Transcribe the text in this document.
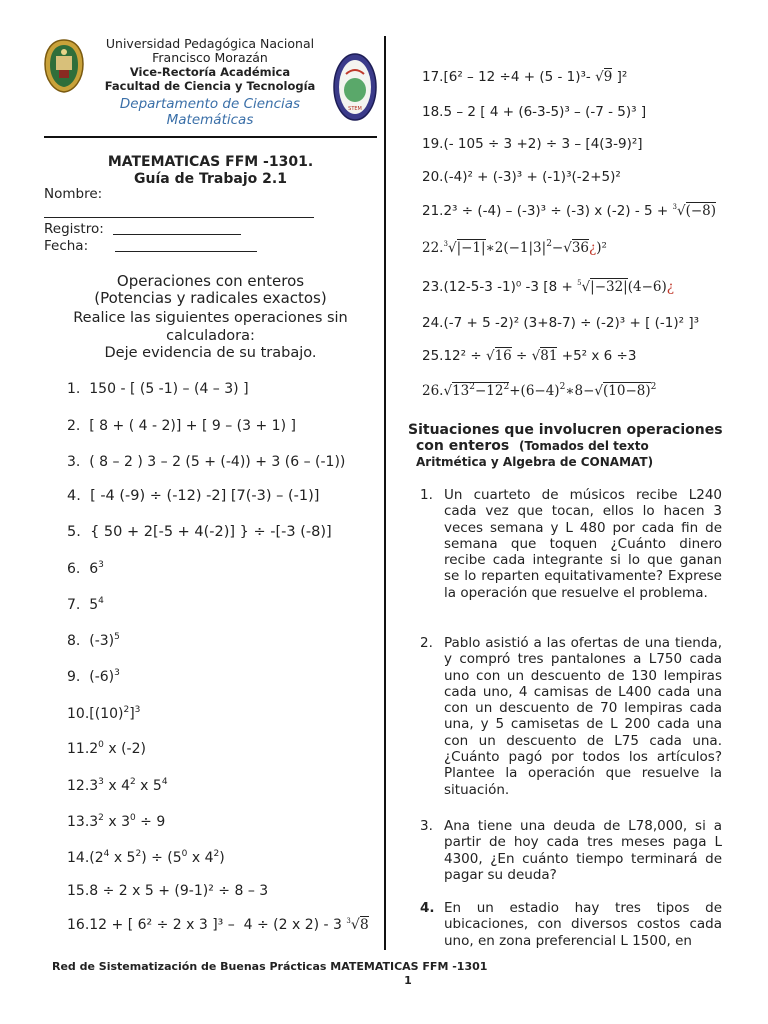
STEM
Universidad Pedagógica Nacional
Francisco Morazán
Vice-Rectoría Académica
Facultad de Ciencia y Tecnología
Departamento de Ciencias
Matemáticas
MATEMATICAS FFM -1301.
Guía de Trabajo 2.1
Nombre:
Registro:
Fecha:
Operaciones con enteros
(Potencias y radicales exactos)
Realice las siguientes operaciones sin
calculadora:
Deje evidencia de su trabajo.
1. 150 - [ (5 -1) – (4 – 3) ]
2. [ 8 + ( 4 - 2)] + [ 9 – (3 + 1) ]
3. ( 8 – 2 ) 3 – 2 (5 + (-4)) + 3 (6 – (-1))
4. [ -4 (-9) ÷ (-12) -2] [7(-3) – (-1)]
5. { 50 + 2[-5 + 4(-2)] } ÷ -[-3 (-8)]
6.  $6^3$
7.  $5^4$
8.  $(-3)^5$
9.  $(-6)^3$
$10.[(10)^2]^3$
11.2$^0$ x (-2)
12.3$^3$ x $4^2$ x $5^4$
13.3$^2$ x $3^0 \div 9$
$14.(2^4$ x $5^2) \div (5^0$ x $4^2$)
15.8 ÷ 2 x 5 + (9-1)² ÷ 8 – 3
16.12 + [ 6² ÷ 2 x 3 ]³ –  4 ÷ (2 x 2) - 3 $^3$√8
17.[6² – 12 ÷4 + (5 - 1)³- √9 ]²
18.5 – 2 [ 4 + (6-3-5)³ – (-7 - 5)³ ]
19.(- 105 ÷ 3 +2) ÷ 3 – [4(3-9)²]
20.(-4)² + (-3)³ + (-1)³(-2+5)²
21.2³ ÷ (-4) – (-3)³ ÷ (-3) x (-2) - 5 + $^3$√(−8)
$22.^3√|-1|∗2(-1|3|^2-√36¿)^2$
23.(12-5-3 -1)⁰ -3 [8 + $^5$√|−32|(4−6)¿
24.(-7 + 5 -2)² (3+8-7) ÷ (-2)³ + [ (-1)² ]³
25.12² ÷ √16 ÷ √81 +5² x 6 ÷3
$26.√13^2-12^2+(6-4)^2∗8-√(10-8)^2$
Situaciones que involucren operaciones
con enteros (Tomados del texto
Aritmética y Algebra de CONAMAT)
1. Un cuarteto de músicos recibe L240 cada vez que tocan, ellos lo hacen 3 veces semana y L 480 por cada fin de semana que toquen ¿Cuánto dinero recibe cada integrante si lo que ganan se lo reparten equitativamente? Exprese la operación que resuelve el problema.
2. Pablo asistió a las ofertas de una tienda, y compró tres pantalones a L750 cada uno con un descuento de 130 lempiras cada uno, 4 camisas de L400 cada una con un descuento de 70 lempiras cada una, y 5 camisetas de L 200 cada una con un descuento de L75 cada una. ¿Cuánto pagó por todos los artículos? Plantee la operación que resuelve la situación.
3. Ana tiene una deuda de L78,000, si a partir de hoy cada tres meses paga L 4300, ¿En cuánto tiempo terminará de pagar su deuda?
4. En un estadio hay tres tipos de ubicaciones, con diversos costos cada uno, en zona preferencial L 1500, en
Red de Sistematización de Buenas Prácticas MATEMATICAS FFM -1301
1
